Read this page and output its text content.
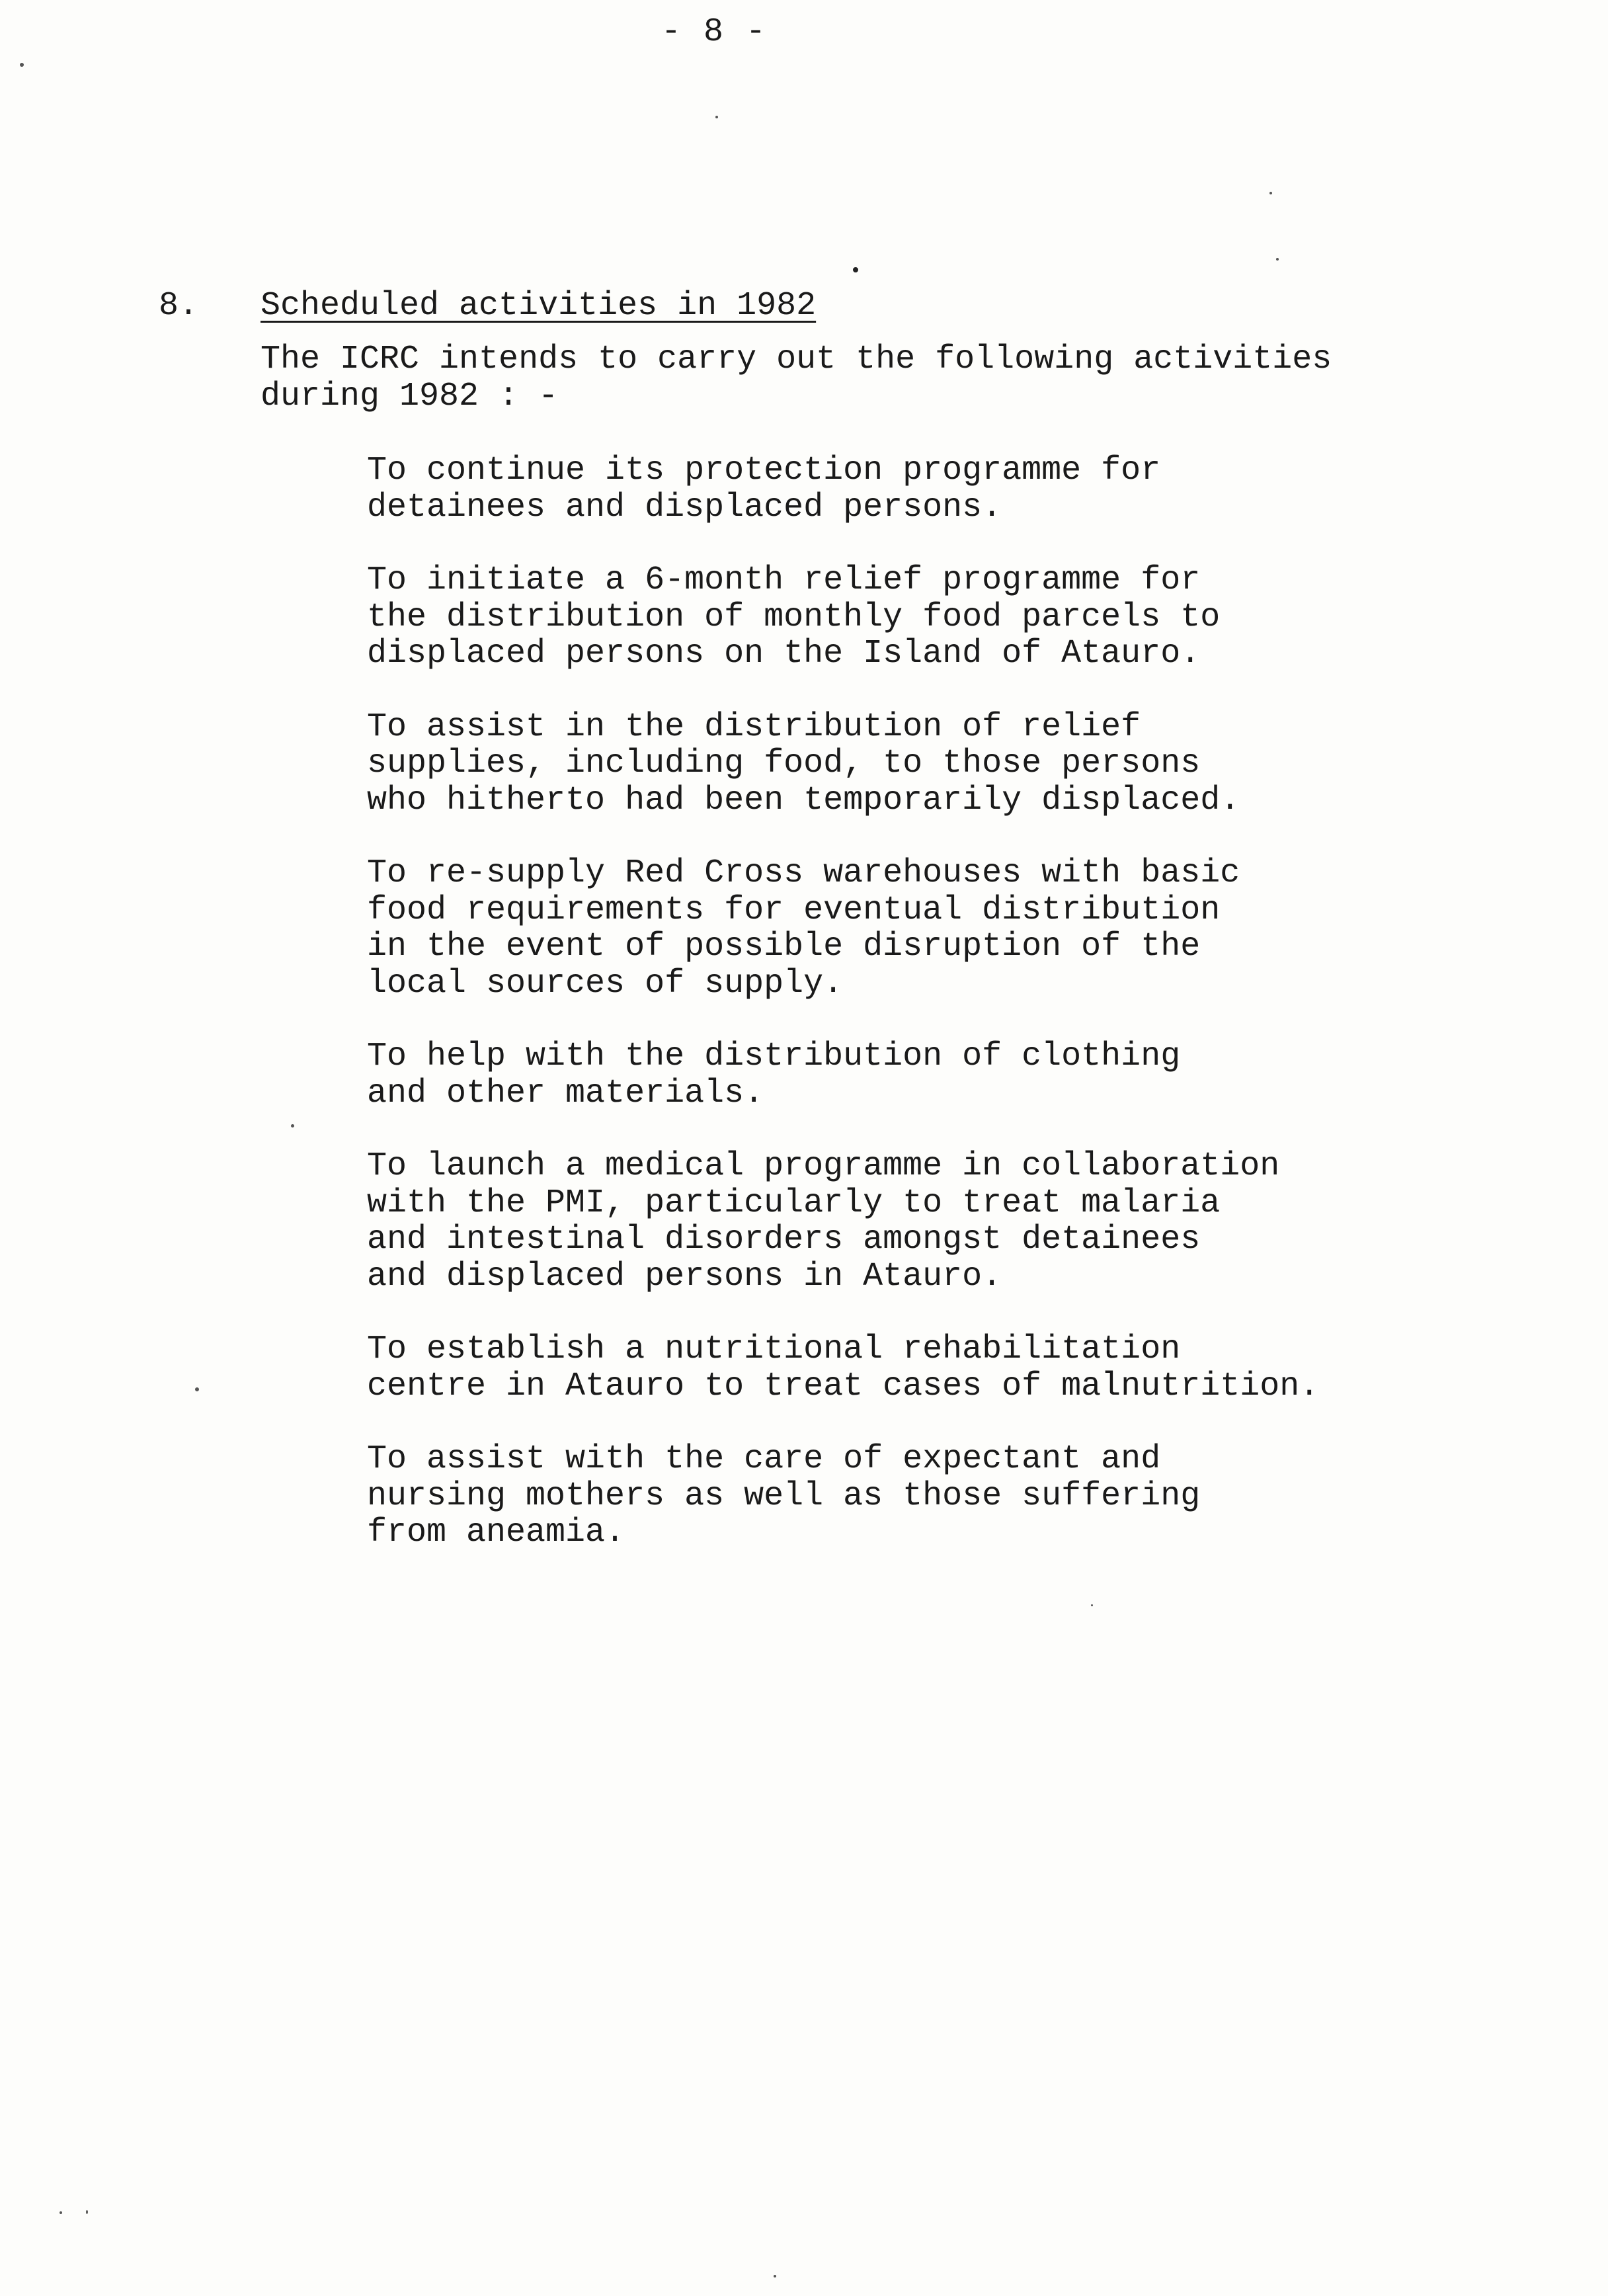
- 8 -
8. Scheduled activities in 1982

The ICRC intends to carry out the following activities
during 1982 : -

To continue its protection programme for
detainees and displaced persons.
To initiate a 6-month relief programme for
the distribution of monthly food parcels to
displaced persons on the Island of Atauro.
To assist in the distribution of relief
supplies, including food, to those persons
who hitherto had been temporarily displaced.
To re-supply Red Cross warehouses with basic
food requirements for eventual distribution
in the event of possible disruption of the
local sources of supply.
To help with the distribution of clothing
and other materials.
To launch a medical programme in collaboration
with the PMI, particularly to treat malaria
and intestinal disorders amongst detainees
and displaced persons in Atauro.
To establish a nutritional rehabilitation
centre in Atauro to treat cases of malnutrition.
To assist with the care of expectant and
nursing mothers as well as those suffering
from aneamia.
